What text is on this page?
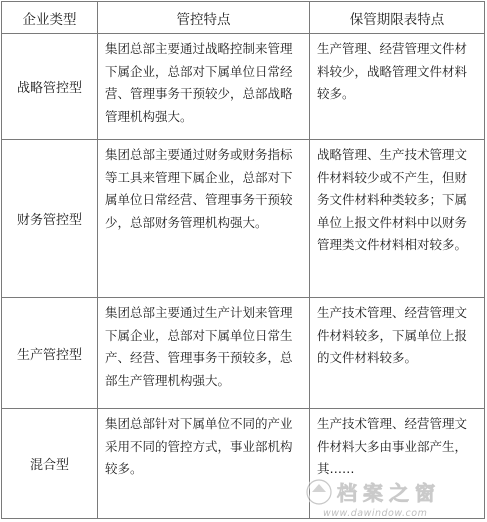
企业类型	管控特点	保管期限表特点
战略管控型	集团总部主要通过战略控制来管理下属企业，总部对下属单位日常经营、管理事务干预较少，总部战略管理机构强大。	生产管理、经营管理文件材料较少，战略管理文件材料较多。
财务管控型	集团总部主要通过财务或财务指标等工具来管理下属企业，总部对下属单位日常经营、管理事务干预较少，总部财务管理机构强大。	战略管理、生产技术管理文件材料较少或不产生，但财务文件材料种类较多；下属单位上报文件材料中以财务管理类文件材料相对较多。
生产管控型	集团总部主要通过生产计划来管理下属企业，总部对下属单位日常生产、经营、管理事务干预较多，总部生产管理机构强大。	生产技术管理、经营管理文件材料较多，下属单位上报的文件材料较多。
混合型	集团总部针对下属单位不同的产业采用不同的管控方式，事业部机构较多。	生产技术管理、经营管理文件材料大多由事业部产生，其……
档案之窗
www.dawindow.com
